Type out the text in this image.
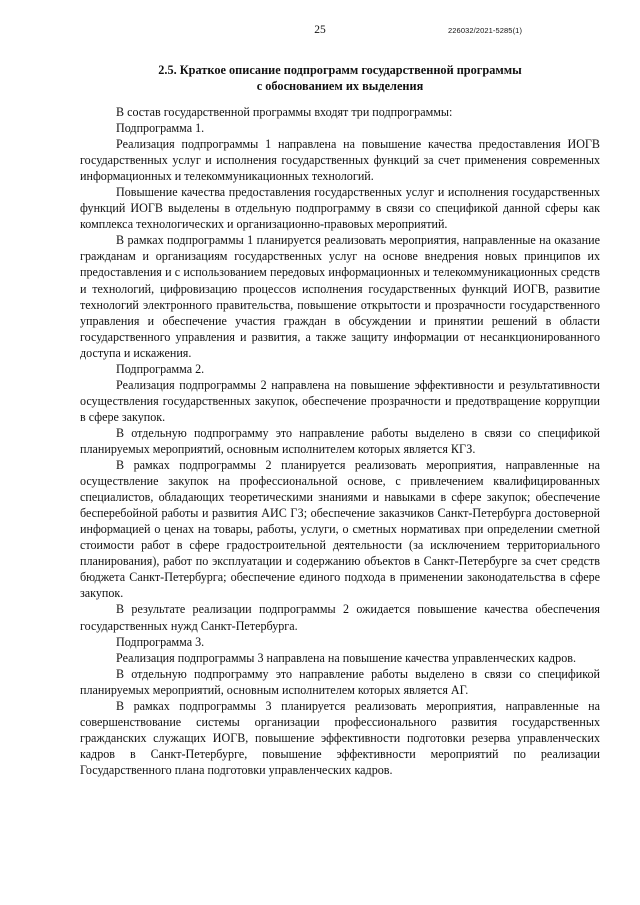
25	226032/2021-5285(1)
2.5. Краткое описание подпрограмм государственной программы
с обоснованием их выделения

В состав государственной программы входят три подпрограммы:

Подпрограмма 1.

Реализация подпрограммы 1 направлена на повышение качества предоставления ИОГВ государственных услуг и исполнения государственных функций за счет применения современных информационных и телекоммуникационных технологий.

Повышение качества предоставления государственных услуг и исполнения государственных функций ИОГВ выделены в отдельную подпрограмму в связи со спецификой данной сферы как комплекса технологических и организационно-правовых мероприятий.

В рамках подпрограммы 1 планируется реализовать мероприятия, направленные на оказание гражданам и организациям государственных услуг на основе внедрения новых принципов их предоставления и с использованием передовых информационных и телекоммуникационных средств и технологий, цифровизацию процессов исполнения государственных функций ИОГВ, развитие технологий электронного правительства, повышение открытости и прозрачности государственного управления и обеспечение участия граждан в обсуждении и принятии решений в области государственного управления и развития, а также защиту информации от несанкционированного доступа и искажения.

Подпрограмма 2.

Реализация подпрограммы 2 направлена на повышение эффективности и результативности осуществления государственных закупок, обеспечение прозрачности и предотвращение коррупции в сфере закупок.

В отдельную подпрограмму это направление работы выделено в связи со спецификой планируемых мероприятий, основным исполнителем которых является КГЗ.

В рамках подпрограммы 2 планируется реализовать мероприятия, направленные на осуществление закупок на профессиональной основе, с привлечением квалифицированных специалистов, обладающих теоретическими знаниями и навыками в сфере закупок; обеспечение бесперебойной работы и развития АИС ГЗ; обеспечение заказчиков Санкт-Петербурга достоверной информацией о ценах на товары, работы, услуги, о сметных нормативах при определении сметной стоимости работ в сфере градостроительной деятельности (за исключением территориального планирования), работ по эксплуатации и содержанию объектов в Санкт-Петербурге за счет средств бюджета Санкт-Петербурга; обеспечение единого подхода в применении законодательства в сфере закупок.

В результате реализации подпрограммы 2 ожидается повышение качества обеспечения государственных нужд Санкт-Петербурга.

Подпрограмма 3.

Реализация подпрограммы 3 направлена на повышение качества управленческих кадров.

В отдельную подпрограмму это направление работы выделено в связи со спецификой планируемых мероприятий, основным исполнителем которых является АГ.

В рамках подпрограммы 3 планируется реализовать мероприятия, направленные на совершенствование системы организации профессионального развития государственных гражданских служащих ИОГВ, повышение эффективности подготовки резерва управленческих кадров в Санкт-Петербурге, повышение эффективности мероприятий по реализации Государственного плана подготовки управленческих кадров.
